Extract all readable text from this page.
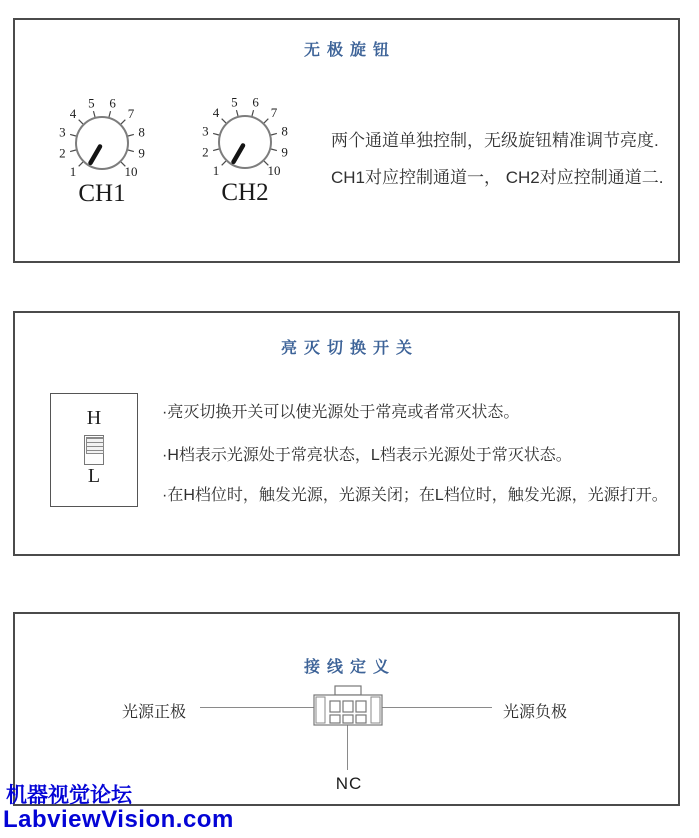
无极旋钮
1
2
3
4
5 6
7
8
9
10	1
2
3
4
5 6
7
8
9
10
CH1	CH2
两个通道单独控制，无级旋钮精准调节亮度.
CH1对应控制通道一， CH2对应控制通道二.
亮灭切换开关
H
L
·亮灭切换开关可以使光源处于常亮或者常灭状态。
·H档表示光源处于常亮状态，L档表示光源处于常灭状态。
·在H档位时，触发光源，光源关闭；在L档位时，触发光源，光源打开。
接线定义
光源正极	光源负极
NC
机器视觉论坛
LabviewVision.com
